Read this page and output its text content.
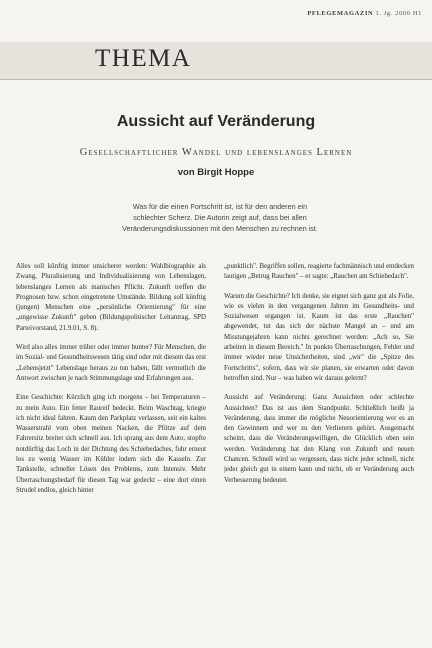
PFLEGEMAGAZIN 1. Jg. 2000 H1
THEMA
Aussicht auf Veränderung
Gesellschaftlicher Wandel und lebenslanges Lernen
von Birgit Hoppe
Was für die einen Fortschritt ist, ist für den anderen ein schlechter Scherz. Die Autorin zeigt auf, dass bei allen Veränderungsdiskussionen mit den Menschen zu rechnen ist.

Alles soll künftig immer unsicherer werden: Wahlbiographie als Zwang, Pluralisierung und Individualisierung von Lebenslagen, lebenslanges Lernen als manisches Pflicht. Zukunft treffen die Prognosen bzw. schon eingetretene Umstände. Bildung soll künftig (jungen) Menschen eine „persönliche Orientierung" für eine „ungewisse Zukunft" geben (Bildungspolitischer Leitantrag, SPD Parteivorstand, 21.9.01, S. 8).

Wird also alles immer trüber oder immer bunter? Für Menschen, die im Sozial- und Gesundheitswesen tätig sind oder mit diesem das erst „Lebensjetzt" Lebenslage heraus zu tun haben, fällt vermutlich die Antwort zwischen je nach Stimmungslage und Erfahrungen aus.

Eine Geschichte: Kürzlich ging ich morgens – bei Temperaturen – zu mein Auto. Ein fetter Raureif bedeckt. Beim Waschtag, kriegte ich nicht ideal fahren. Kaum den Parkplatz verlassen, seit ein kaltes Wasserstrahl vom oben meinen Nacken, die Pfütze auf dem Fahrersitz breitet sich schnell aus. Ich sprang aus dem Auto, stopfte notdürftig das Loch in der Dichtung des Schiebedaches, fuhr erneut los zu wenig Wasser im Kühler indem sich die Kasseln. Zur Tankstelle, schneller Lösen des Problems, zum Intensiv. Mehr Überraschungsbedarf für diesen Tag war gedeckt – eine dort einen Strudel endlos, gleich hinter

„punktlich". Begriffen sollen, reagierte fachmännisch und entdecken lautigen „Betrug Rauchen" – er sagte: „Rauchen am Schiebedach".

Warum die Geschichte? Ich denke, sie eignet sich ganz gut als Folie, wie es vielen in den vergangenen Jahren im Gesundheits- und Sozialwesen ergangen ist. Kaum ist das erste „Rauchen" abgewendet, tut das sich der nächste Mangel an – und am Misstungejahren kann nichts gerechnet werden: „Ach so, Sie arbeiten in diesem Bereich." In punkto Überraschungen, Fehler und immer wieder neue Unsicherheiten, sind „wir" die „Spitze des Fortschritts", sofern, dass wir sie planen, sie erwarten oder davon betroffen sind. Nur – was haben wir daraus gelernt?

Aussicht auf Veränderung: Ganz Aussichten oder schlechte Aussichten? Das ist aus dem Standpunkt. Schließlich heißt ja Veränderung, dass immer die mögliche Neuorientierung wer es an den Gewinnern und wer zu den Verlierern gehört. Ausgemacht scheint, dass die Veränderungswilligen, die Glücklich oben sein werden. Veränderung hat den Klang von Zukunft und neuen Chancen. Schnell wird so vergessen, dass nicht jeder schnell, nicht jeder gleich gut in einem kann und nicht, ob er Veränderung auch Verbesserung bedeutet.
